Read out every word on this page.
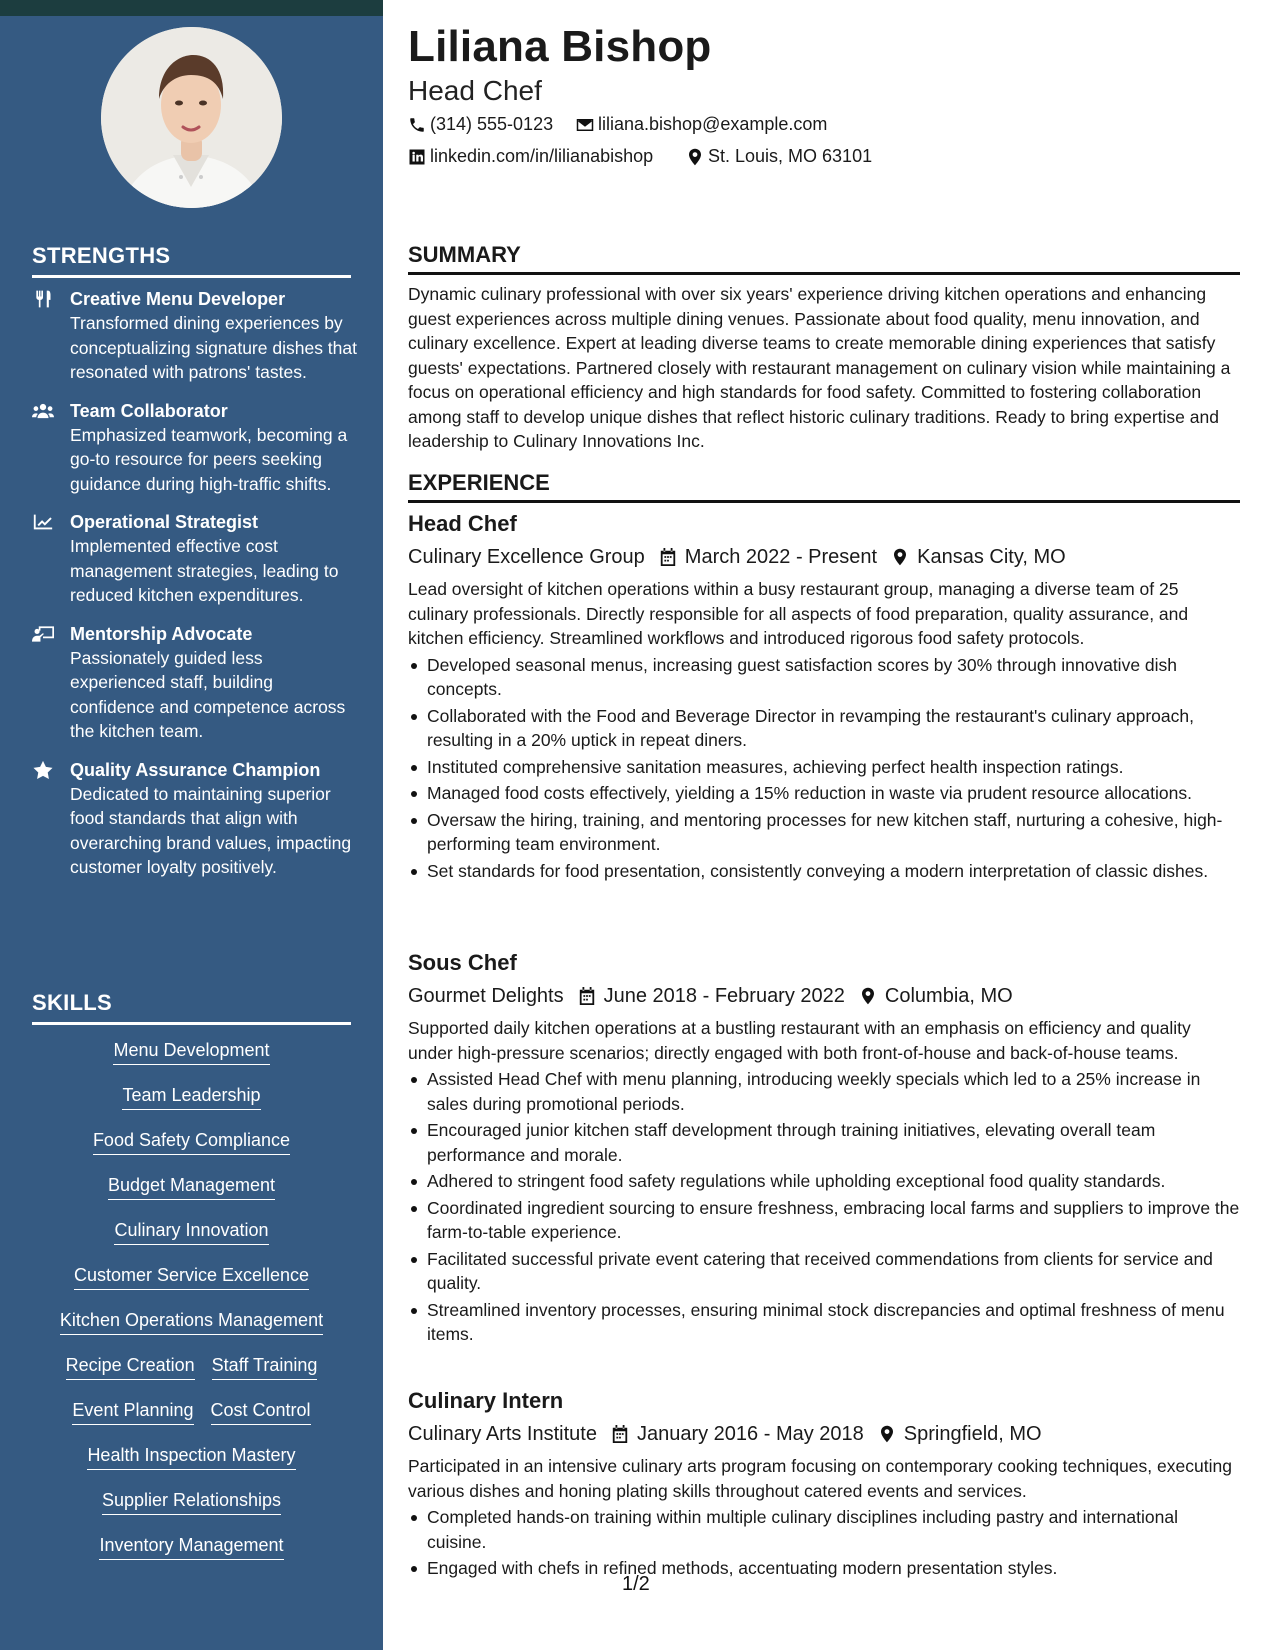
STRENGTHS
Creative Menu Developer
Transformed dining experiences by conceptualizing signature dishes that resonated with patrons' tastes.
Team Collaborator
Emphasized teamwork, becoming a go-to resource for peers seeking guidance during high-traffic shifts.
Operational Strategist
Implemented effective cost management strategies, leading to reduced kitchen expenditures.
Mentorship Advocate
Passionately guided less experienced staff, building confidence and competence across the kitchen team.
Quality Assurance Champion
Dedicated to maintaining superior food standards that align with overarching brand values, impacting customer loyalty positively.
SKILLS
Menu Development
Team Leadership
Food Safety Compliance
Budget Management
Culinary Innovation
Customer Service Excellence
Kitchen Operations Management
Recipe Creation Staff Training
Event Planning Cost Control
Health Inspection Mastery
Supplier Relationships
Inventory Management
Liliana Bishop
Head Chef
(314) 555-0123 liliana.bishop@example.com
linkedin.com/in/lilianabishop	St. Louis, MO 63101
SUMMARY

Dynamic culinary professional with over six years' experience driving kitchen operations and enhancing guest experiences across multiple dining venues. Passionate about food quality, menu innovation, and culinary excellence. Expert at leading diverse teams to create memorable dining experiences that satisfy guests' expectations. Partnered closely with restaurant management on culinary vision while maintaining a focus on operational efficiency and high standards for food safety. Committed to fostering collaboration among staff to develop unique dishes that reflect historic culinary traditions. Ready to bring expertise and leadership to Culinary Innovations Inc.

EXPERIENCE
Head Chef
Culinary Excellence Group March 2022 - Present Kansas City, MO

Lead oversight of kitchen operations within a busy restaurant group, managing a diverse team of 25 culinary professionals. Directly responsible for all aspects of food preparation, quality assurance, and kitchen efficiency. Streamlined workflows and introduced rigorous food safety protocols.

Developed seasonal menus, increasing guest satisfaction scores by 30% through innovative dish concepts.
Collaborated with the Food and Beverage Director in revamping the restaurant's culinary approach, resulting in a 20% uptick in repeat diners.
Instituted comprehensive sanitation measures, achieving perfect health inspection ratings.
Managed food costs effectively, yielding a 15% reduction in waste via prudent resource allocations.
Oversaw the hiring, training, and mentoring processes for new kitchen staff, nurturing a cohesive, high-performing team environment.
Set standards for food presentation, consistently conveying a modern interpretation of classic dishes.
Sous Chef
Gourmet Delights June 2018 - February 2022 Columbia, MO

Supported daily kitchen operations at a bustling restaurant with an emphasis on efficiency and quality under high-pressure scenarios; directly engaged with both front-of-house and back-of-house teams.

Assisted Head Chef with menu planning, introducing weekly specials which led to a 25% increase in sales during promotional periods.
Encouraged junior kitchen staff development through training initiatives, elevating overall team performance and morale.
Adhered to stringent food safety regulations while upholding exceptional food quality standards.
Coordinated ingredient sourcing to ensure freshness, embracing local farms and suppliers to improve the farm-to-table experience.
Facilitated successful private event catering that received commendations from clients for service and quality.
Streamlined inventory processes, ensuring minimal stock discrepancies and optimal freshness of menu items.
Culinary Intern
Culinary Arts Institute January 2016 - May 2018 Springfield, MO

Participated in an intensive culinary arts program focusing on contemporary cooking techniques, executing various dishes and honing plating skills throughout catered events and services.

Completed hands-on training within multiple culinary disciplines including pastry and international cuisine.
Engaged with chefs in refined methods, accentuating modern presentation styles.
1/2
